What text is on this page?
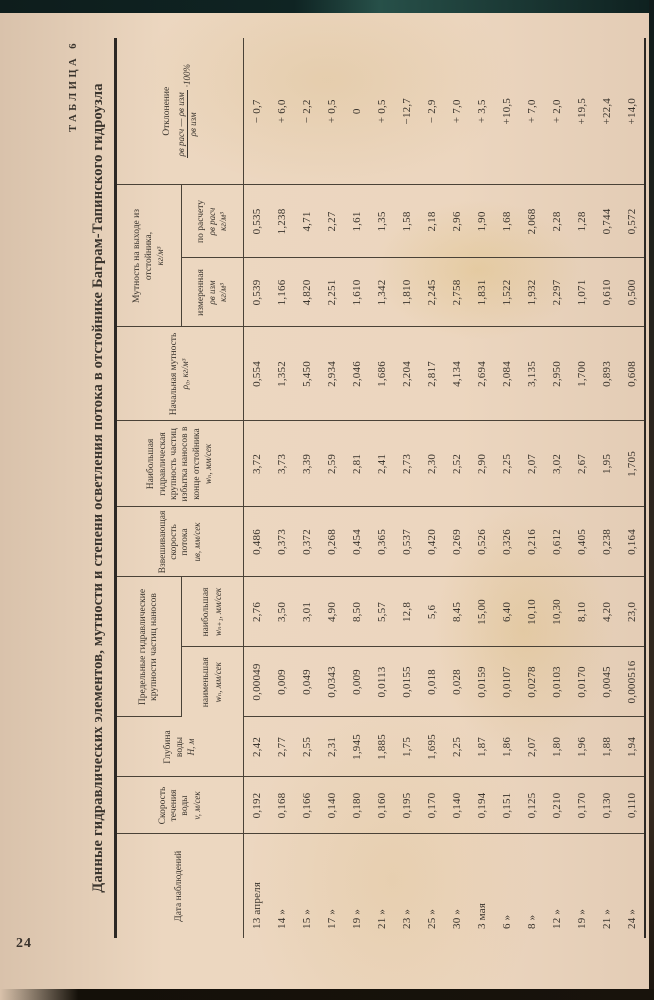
ТАБЛИЦА 6 Данные гидравлических элементов, мутности и степени осветления потока в отстойнике Баграм-Тапинского гидроузла	Дата наблюдений

Скорость течения воды v, м/сек

Глубина воды Н, м

Предельные гидравлические крупности частиц наносов

Взвешивающая скорость потока uв, мм/сек

Наибольшая гидравлическая крупность частиц избытка наносов в конце отстойника wₙ, мм/сек

Начальная мутность ρ₀, кг/м³

Мутность на выходе из отстойника, кг/м³

Отклонение ρв расч — ρв изм ρв изм
·100%

наименьшая wₙ, мм/сек

наибольшая wₙ₊₁, мм/сек

измеренная ρв изм кг/м³

по расчету ρв расч кг/м³

13 апреля	0,192	2,42	0,00049	2,76	0,486	3,72	0,554	0,539	0,535	− 0,7
14 »	0,168	2,77	0,009	3,50	0,373	3,73	1,352	1,166	1,238	+ 6,0
15 »	0,166	2,55	0,049	3,01	0,372	3,39	5,450	4,820	4,71	− 2,2
17 »	0,140	2,31	0,0343	4,90	0,268	2,59	2,934	2,251	2,27	+ 0,5
19 »	0,180	1,945	0,009	8,50	0,454	2,81	2,046	1,610	1,61	0
21 »	0,160	1,885	0,0113	5,57	0,365	2,41	1,686	1,342	1,35	+ 0,5
23 »	0,195	1,75	0,0155	12,8	0,537	2,73	2,204	1,810	1,58	−12,7
25 »	0,170	1,695	0,018	5,6	0,420	2,30	2,817	2,245	2,18	− 2,9
30 »	0,140	2,25	0,028	8,45	0,269	2,52	4,134	2,758	2,96	+ 7,0
3 мая	0,194	1,87	0,0159	15,00	0,526	2,90	2,694	1,831	1,90	+ 3,5
6 »	0,151	1,86	0,0107	6,40	0,326	2,25	2,084	1,522	1,68	+10,5
8 »	0,125	2,07	0,0278	10,10	0,216	2,07	3,135	1,932	2,068	+ 7,0
12 »	0,210	1,80	0,0103	10,30	0,612	3,02	2,950	2,297	2,28	+ 2,0
19 »	0,170	1,96	0,0170	8,10	0,405	2,67	1,700	1,071	1,28	+19,5
21 »	0,130	1,88	0,0045	4,20	0,238	1,95	0,893	0,610	0,744	+22,4
24 »	0,110	1,94	0,000516	23,0	0,164	1,705	0,608	0,500	0,572	+14,0
24
